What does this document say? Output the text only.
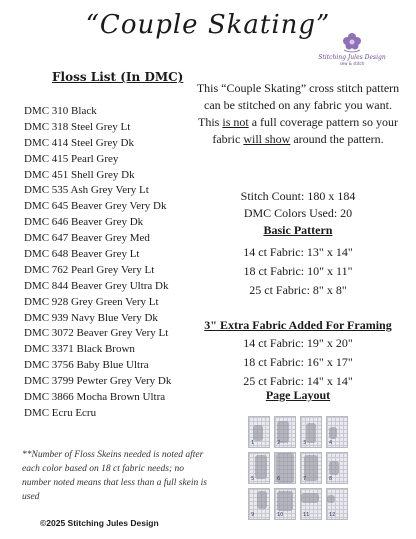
“Couple Skating”
Stitching Jules Design
sew & stitch
Floss List (In DMC)
DMC 310 Black
DMC 318 Steel Grey Lt
DMC 414 Steel Grey Dk
DMC 415 Pearl Grey
DMC 451 Shell Grey Dk
DMC 535 Ash Grey Very Lt
DMC 645 Beaver Grey Very Dk
DMC 646 Beaver Grey Dk
DMC 647 Beaver Grey Med
DMC 648 Beaver Grey Lt
DMC 762 Pearl Grey Very Lt
DMC 844 Beaver Grey Ultra Dk
DMC 928 Grey Green Very Lt
DMC 939 Navy Blue Very Dk
DMC 3072 Beaver Grey Very Lt
DMC 3371 Black Brown
DMC 3756 Baby Blue Ultra
DMC 3799 Pewter Grey Very Dk
DMC 3866 Mocha Brown Ultra
DMC Ecru Ecru
This “Couple Skating” cross stitch pattern can be stitched on any fabric you want. This is not a full coverage pattern so your fabric will show around the pattern.
Stitch Count: 180 x 184
DMC Colors Used: 20
Basic Pattern
14 ct Fabric: 13" x 14"
18 ct Fabric: 10" x 11"
25 ct Fabric: 8" x 8"
3" Extra Fabric Added For Framing
14 ct Fabric: 19" x 20"
18 ct Fabric: 16" x 17"
25 ct Fabric: 14" x 14"
Page Layout
1	2	3	4
5	6	7	8
9	10	11	12
**Number of Floss Skeins needed is noted after each color based on 18 ct fabric needs; no number noted means that less than a full skein is used
©2025 Stitching Jules Design
